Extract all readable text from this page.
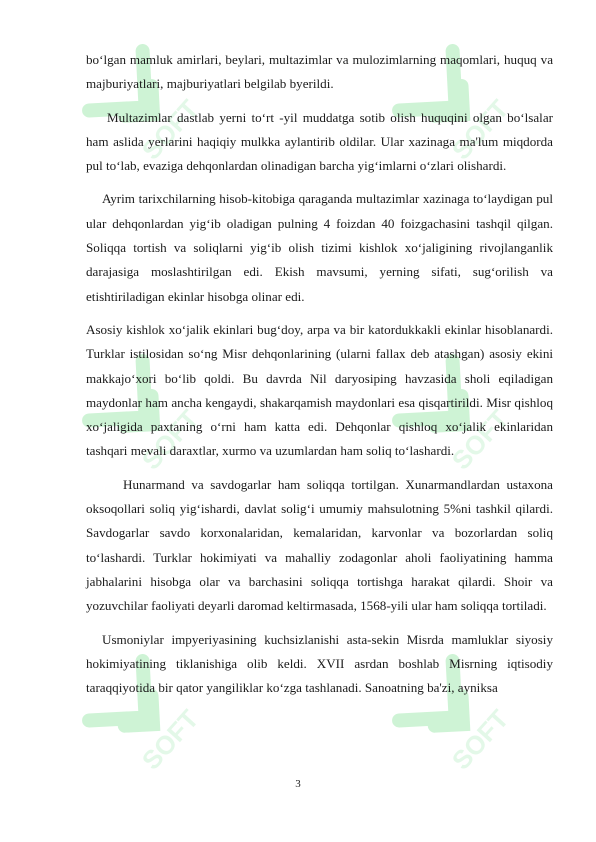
SOFT	SOFT
SOFT	SOFT
SOFT	SOFT

bo‘lgan mamluk amirlari, beylari, multazimlar va mulozimlarning maqomlari, huquq va majburiyatlari, majburiyatlari belgilab byerildi.

Multazimlar dastlab yerni to‘rt -yil muddatga sotib olish huquqini olgan bo‘lsalar ham aslida yerlarini haqiqiy mulkka aylantirib oldilar. Ular xazinaga ma'lum miqdorda pul to‘lab, evaziga dehqonlardan olinadigan barcha yig‘imlarni o‘zlari olishardi.

Ayrim tarixchilarning hisob-kitobiga qaraganda multazimlar xazinaga to‘laydigan pul ular dehqonlardan yig‘ib oladigan pulning 4 foizdan 40 foizgachasini tashqil qilgan. Soliqqa tortish va soliqlarni yig‘ib olish tizimi kishlok xo‘jaligining rivojlanganlik darajasiga moslashtirilgan edi. Ekish mavsumi, yerning sifati, sug‘orilish va etishtiriladigan ekinlar hisobga olinar edi.

Asosiy kishlok xo‘jalik ekinlari bug‘doy, arpa va bir katordukkakli ekinlar hisoblanardi. Turklar istilosidan so‘ng Misr dehqonlarining (ularni fallax deb atashgan) asosiy ekini makkajo‘xori bo‘lib qoldi. Bu davrda Nil daryosiping havzasida sholi eqiladigan maydonlar ham ancha kengaydi, shakarqamish maydonlari esa qisqartirildi. Misr qishloq xo‘jaligida paxtaning o‘rni ham katta edi. Dehqonlar qishloq xo‘jalik ekinlaridan tashqari mevali daraxtlar, xurmo va uzumlardan ham soliq to‘lashardi.

Hunarmand va savdogarlar ham soliqqa tortilgan. Xunarmandlardan ustaxona oksoqollari soliq yig‘ishardi, davlat solig‘i umumiy mahsulotning 5%ni tashkil qilardi. Savdogarlar savdo korxonalaridan, kemalaridan, karvonlar va bozorlardan soliq to‘lashardi. Turklar hokimiyati va mahalliy zodagonlar aholi faoliyatining hamma jabhalarini hisobga olar va barchasini soliqqa tortishga harakat qilardi. Shoir va yozuvchilar faoliyati deyarli daromad keltirmasada, 1568-yili ular ham soliqqa tortiladi.

Usmoniylar impyeriyasining kuchsizlanishi asta-sekin Misrda mamluklar siyosiy hokimiyatining tiklanishiga olib keldi. XVII asrdan boshlab Misrning iqtisodiy taraqqiyotida bir qator yangiliklar ko‘zga tashlanadi. Sanoatning ba'zi, ayniksa

3
